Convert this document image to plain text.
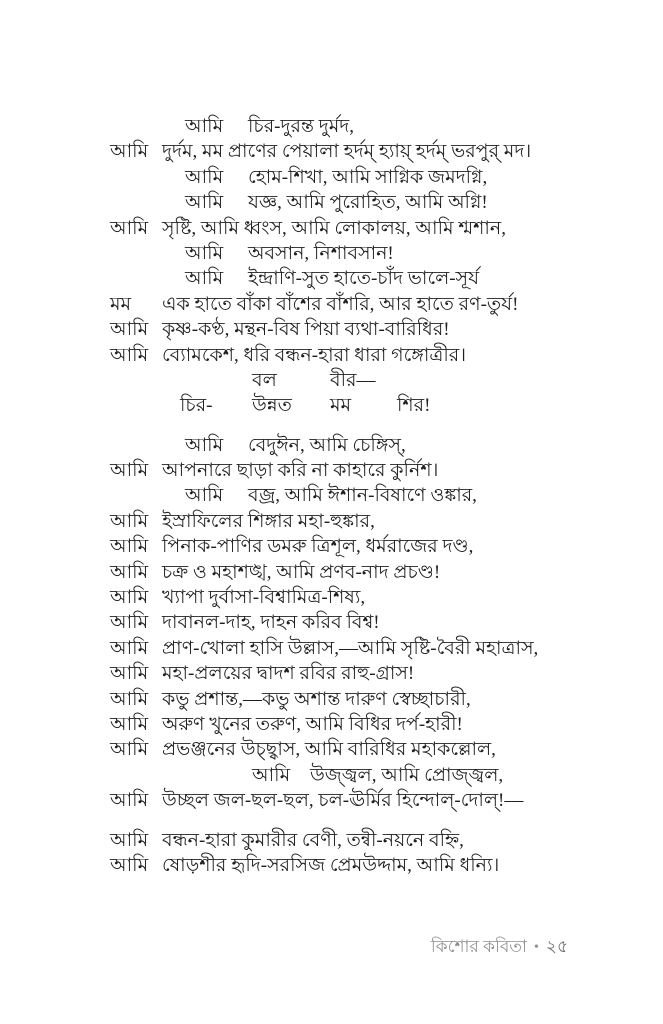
আমি চির-দুরন্ত দুর্মদ,
আমি দুর্দম, মম প্রাণের পেয়ালা হর্দম্‌ হ্যায়্‌ হর্দম্‌ ভরপুর্‌ মদ।
আমি হোম-শিখা, আমি সাগ্নিক জমদগ্নি,
আমি যজ্ঞ, আমি পুরোহিত, আমি অগ্নি!
আমি সৃষ্টি, আমি ধ্বংস, আমি লোকালয়, আমি শ্মশান,
আমি অবসান, নিশাবসান!
আমি ইন্দ্রাণি-সুত হাতে-চাঁদ ভালে-সূর্য
মম এক হাতে বাঁকা বাঁশের বাঁশরি, আর হাতে রণ-তুর্য!
আমি কৃষ্ণ-কণ্ঠ, মন্থন-বিষ পিয়া ব্যথা-বারিধির!
আমি ব্যোমকেশ, ধরি বন্ধন-হারা ধারা গঙ্গোত্রীর।
বল	বীর—
চির- উন্নত মম শির!
আমি বেদুঈন, আমি চেঙ্গিস্‌,
আমি আপনারে ছাড়া করি না কাহারে কুর্নিশ।
আমি বজ্র, আমি ঈশান-বিষাণে ওঙ্কার,
আমি ইস্রাফিলের শিঙ্গার মহা-হুঙ্কার,
আমি পিনাক-পাণির ডমরু ত্রিশূল, ধর্মরাজের দণ্ড,
আমি চক্র ও মহাশঙ্খ, আমি প্রণব-নাদ প্রচণ্ড!
আমি খ্যাপা দুর্বাসা-বিশ্বামিত্র-শিষ্য,
আমি দাবানল-দাহ, দাহন করিব বিশ্ব!
আমি প্রাণ-খোলা হাসি উল্লাস,—আমি সৃষ্টি-বৈরী মহাত্রাস,
আমি মহা-প্রলয়ের দ্বাদশ রবির রাহু-গ্রাস!
আমি কভু প্রশান্ত,—কভু অশান্ত দারুণ স্বেচ্ছাচারী,
আমি অরুণ খুনের তরুণ, আমি বিধির দর্প-হারী!
আমি প্রভঞ্জনের উচ্ছ্বাস, আমি বারিধির মহাকল্লোল,
আমি উজ্জ্বল, আমি প্রোজ্জ্বল,
আমি উচ্ছল জল-ছল-ছল, চল-ঊর্মির হিন্দোল্‌-দোল্‌!—
আমি বন্ধন-হারা কুমারীর বেণী, তন্বী-নয়নে বহ্নি,
আমি ষোড়শীর হৃদি-সরসিজ প্রেমউদ্দাম, আমি ধন্যি।
কিশোর কবিতা • ২৫
